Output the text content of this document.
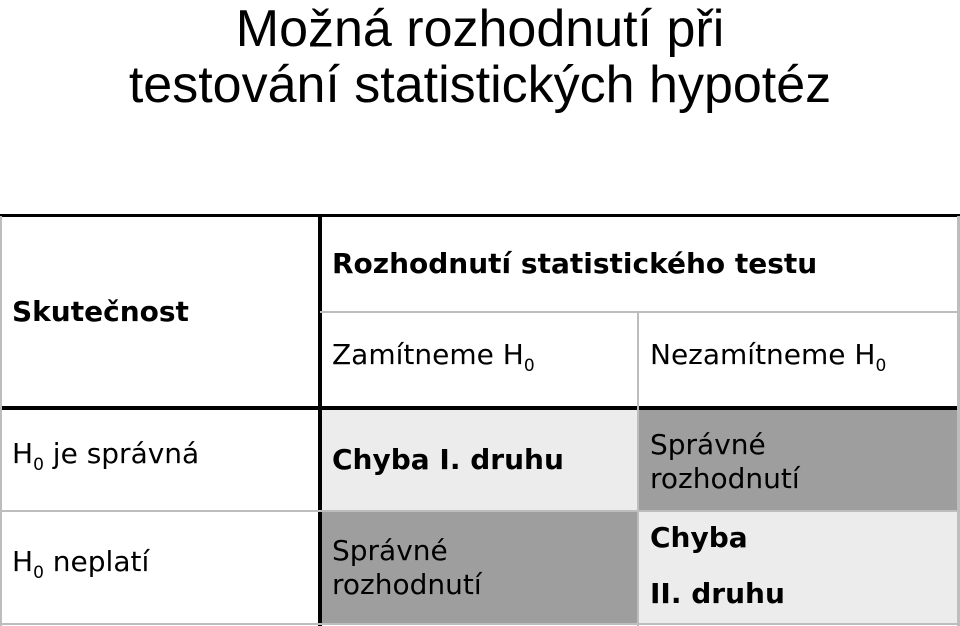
Možná rozhodnutí při
testování statistických hypotéz
Chyba I. druhu	Správné
rozhodnutí
Správné
rozhodnutí
Chyba
II. druhu
Skutečnost
Rozhodnutí statistického testu
Zamítneme $H_0$	Nezamítneme $H_0$
$H_0$ je správná
$H_0$ neplatí
